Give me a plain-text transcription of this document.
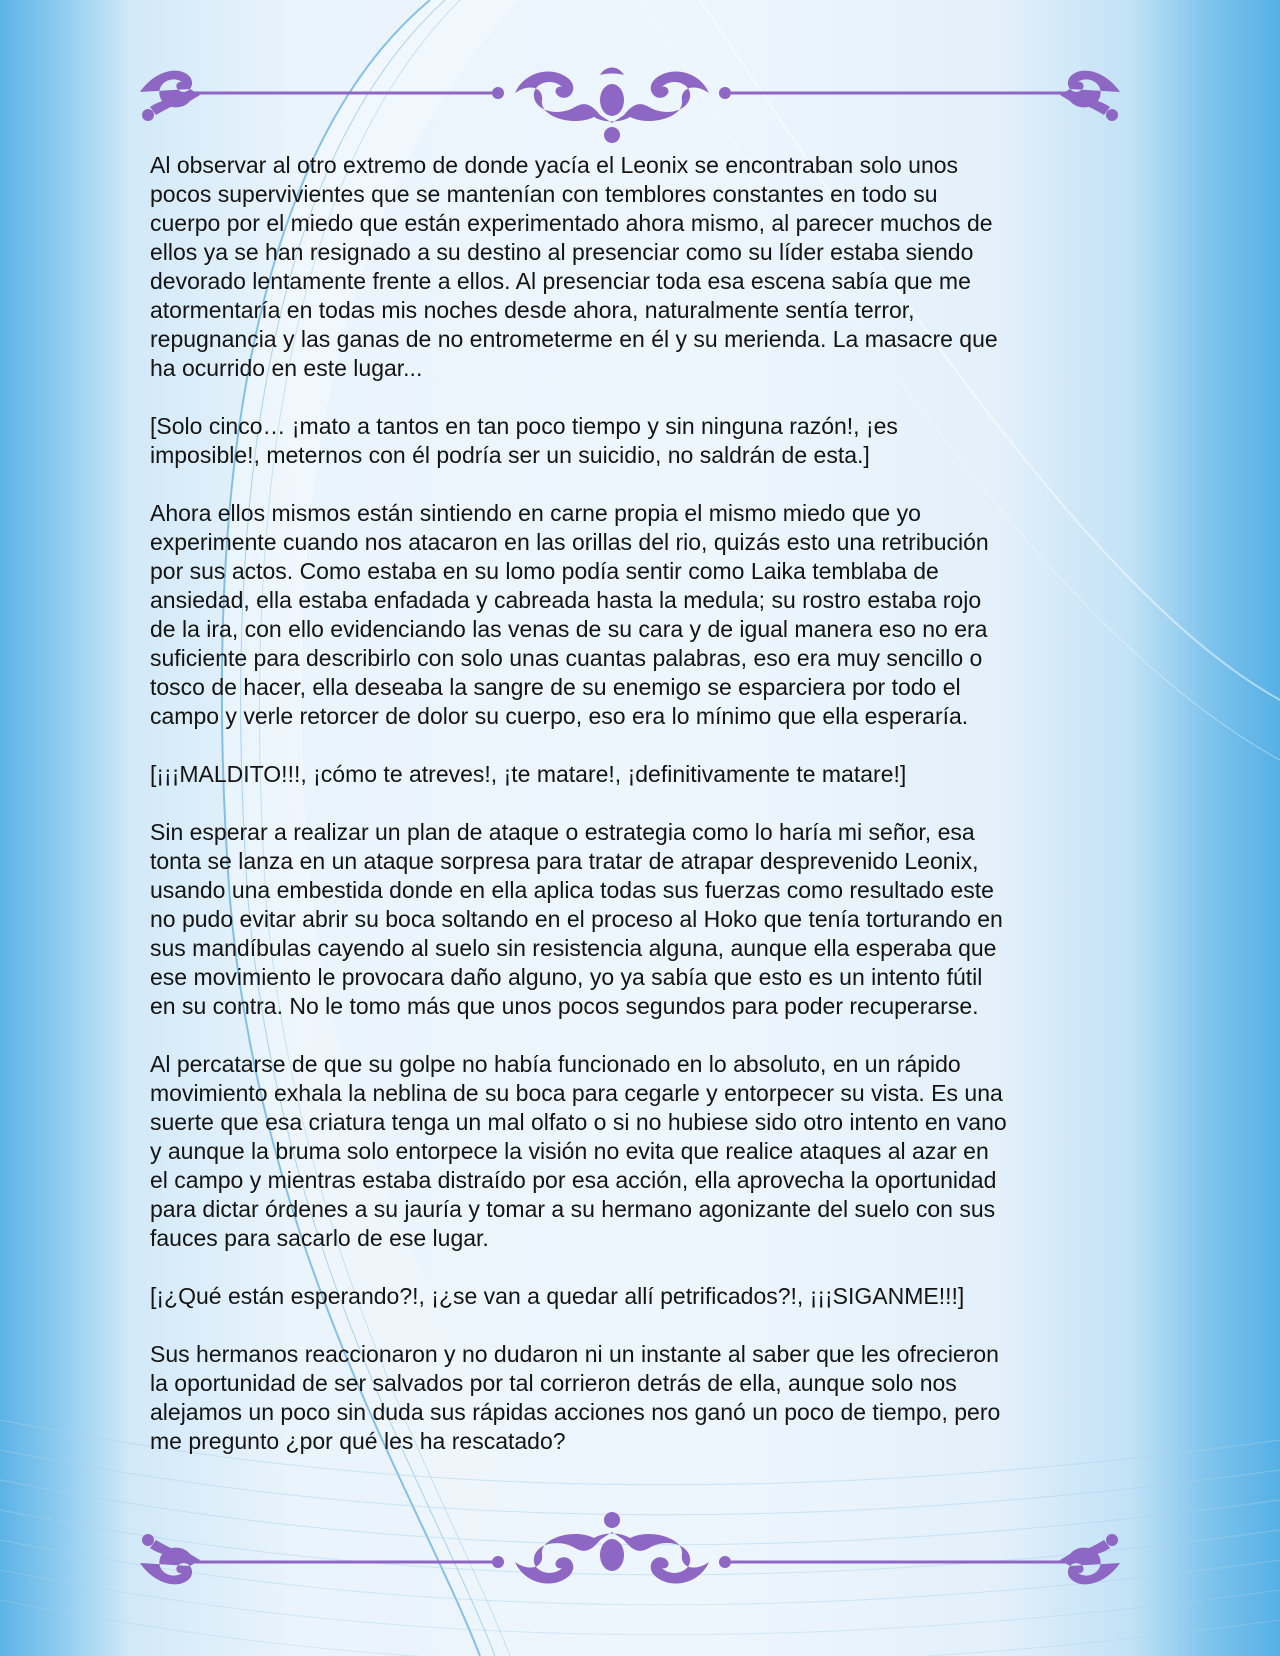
Al observar al otro extremo de donde yacía el Leonix se encontraban solo unos
pocos supervivientes que se mantenían con temblores constantes en todo su
cuerpo por el miedo que están experimentado ahora mismo, al parecer muchos de
ellos ya se han resignado a su destino al presenciar como su líder estaba siendo
devorado lentamente frente a ellos. Al presenciar toda esa escena sabía que me
atormentaría en todas mis noches desde ahora, naturalmente sentía terror,
repugnancia y las ganas de no entrometerme en él y su merienda. La masacre que
ha ocurrido en este lugar...

[Solo cinco… ¡mato a tantos en tan poco tiempo y sin ninguna razón!, ¡es
imposible!, meternos con él podría ser un suicidio, no saldrán de esta.]

Ahora ellos mismos están sintiendo en carne propia el mismo miedo que yo
experimente cuando nos atacaron en las orillas del rio, quizás esto una retribución
por sus actos. Como estaba en su lomo podía sentir como Laika temblaba de
ansiedad, ella estaba enfadada y cabreada hasta la medula; su rostro estaba rojo
de la ira, con ello evidenciando las venas de su cara y de igual manera eso no era
suficiente para describirlo con solo unas cuantas palabras, eso era muy sencillo o
tosco de hacer, ella deseaba la sangre de su enemigo se esparciera por todo el
campo y verle retorcer de dolor su cuerpo, eso era lo mínimo que ella esperaría.

[¡¡¡MALDITO!!!, ¡cómo te atreves!, ¡te matare!, ¡definitivamente te matare!]

Sin esperar a realizar un plan de ataque o estrategia como lo haría mi señor, esa
tonta se lanza en un ataque sorpresa para tratar de atrapar desprevenido Leonix,
usando una embestida donde en ella aplica todas sus fuerzas como resultado este
no pudo evitar abrir su boca soltando en el proceso al Hoko que tenía torturando en
sus mandíbulas cayendo al suelo sin resistencia alguna, aunque ella esperaba que
ese movimiento le provocara daño alguno, yo ya sabía que esto es un intento fútil
en su contra. No le tomo más que unos pocos segundos para poder recuperarse.

Al percatarse de que su golpe no había funcionado en lo absoluto, en un rápido
movimiento exhala la neblina de su boca para cegarle y entorpecer su vista. Es una
suerte que esa criatura tenga un mal olfato o si no hubiese sido otro intento en vano
y aunque la bruma solo entorpece la visión no evita que realice ataques al azar en
el campo y mientras estaba distraído por esa acción, ella aprovecha la oportunidad
para dictar órdenes a su jauría y tomar a su hermano agonizante del suelo con sus
fauces para sacarlo de ese lugar.

[¡¿Qué están esperando?!, ¡¿se van a quedar allí petrificados?!, ¡¡¡SIGANME!!!]

Sus hermanos reaccionaron y no dudaron ni un instante al saber que les ofrecieron
la oportunidad de ser salvados por tal corrieron detrás de ella, aunque solo nos
alejamos un poco sin duda sus rápidas acciones nos ganó un poco de tiempo, pero
me pregunto ¿por qué les ha rescatado?
